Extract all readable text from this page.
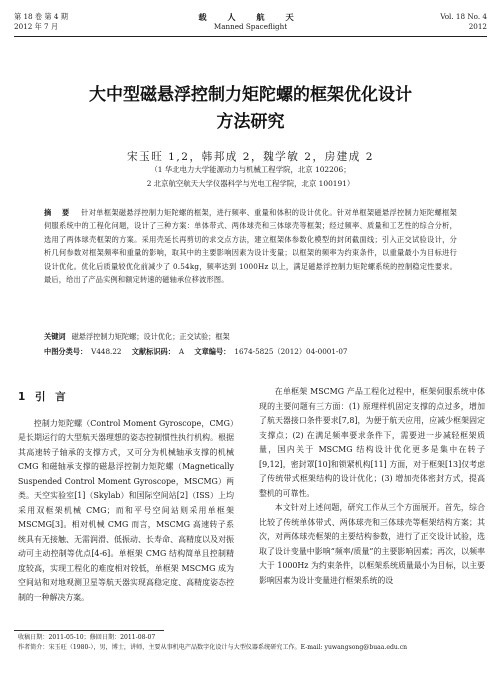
第 18 卷 第 4 期
2012 年 7 月
载 人 航 天
Manned Spaceflight
Vol. 18 No. 4
2012
大中型磁悬浮控制力矩陀螺的框架优化设计
方法研究
宋玉旺 1,2，韩邦成 2，魏学敏 2，房建成 2
（1 华北电力大学能源动力与机械工程学院，北京 102206；
2 北京航空航天大学仪器科学与光电工程学院，北京 100191）
摘 要 针对单框架磁悬浮控制力矩陀螺的框架，进行频率、重量和体积的设计优化。针对单框架磁悬浮控制力矩陀螺框架伺服系统中的工程化问题，设计了三种方案：单体带式、两体球壳和三体球壳等框架；经过频率、质量和工艺性的综合分析，选用了两体球壳框架的方案。采用壳延长再剪切的求交点方法，建立框架体参数化模型的封闭截面线；引入正交试验设计，分析几何参数对框架频率和重量的影响，取其中的主要影响因素为设计变量；以框架的频率为约束条件，以重量最小为目标进行设计优化。优化后质量较优化前减少了 0.54kg，频率达到 1000Hz 以上，满足磁悬浮控制力矩陀螺系统的控制稳定性要求。最后，给出了产品实例和额定转速的磁轴承位移波形图。
关键词 磁悬浮控制力矩陀螺；设计优化；正交试验；框架
中图分类号： V448.22 文献标识码： A 文章编号： 1674-5825（2012）04-0001-07
1 引 言

控制力矩陀螺（Control Moment Gyroscope，CMG）是长期运行的大型航天器理想的姿态控制惯性执行机构。根据其高速转子轴承的支撑方式，又可分为机械轴承支撑的机械 CMG 和磁轴承支撑的磁悬浮控制力矩陀螺（Magnetically Suspended Control Moment Gyroscope，MSCMG）两类。天空实验室[1]（Skylab）和国际空间站[2]（ISS）上均采用双框架机械 CMG；而和平号空间站则采用单框架 MSCMG[3]。相对机械 CMG 而言，MSCMG 高速转子系统具有无接触、无需润滑、低振动、长寿命、高精度以及对振动可主动控制等优点[4-6]。单框架 CMG 结构简单且控制精度较高，实现工程化的难度相对较低，单框架 MSCMG 成为空间站和对地观测卫星等航天器实现高稳定度、高精度姿态控制的一种解决方案。

在单框架 MSCMG 产品工程化过程中，框架伺服系统中体现的主要问题有三方面：(1) 原理样机固定支撑的点过多，增加了航天器接口条件要求[7,8]，为便于航天应用，应减少框架固定支撑点；(2) 在满足频率要求条件下，需要进一步减轻框架质量，国内关于 MSCMG 结构设计优化更多是集中在转子[9,12]，密封罩[10]和锁紧机构[11] 方面，对于框架[13]仅考虑了传统带式框架结构的设计优化；(3) 增加壳体密封方式，提高整机的可靠性。

本文针对上述问题，研究工作从三个方面展开。首先，综合比较了传统单体带式、两体球壳和三体球壳等框架结构方案；其次，对两体球壳框架的主要结构参数，进行了正交设计试验，选取了设计变量中影响“频率/质量”的主要影响因素；再次，以频率大于 1000Hz 为约束条件，以框架系统质量最小为目标，以主要影响因素为设计变量进行框架系统的设

收稿日期：2011-05-10；修回日期：2011-08-07
作者简介：宋玉旺（1980-），男，博士，讲师，主要从事机电产品数字化设计与大型仪器系统研究工作。E-mail: yuwangsong@buaa.edu.cn
